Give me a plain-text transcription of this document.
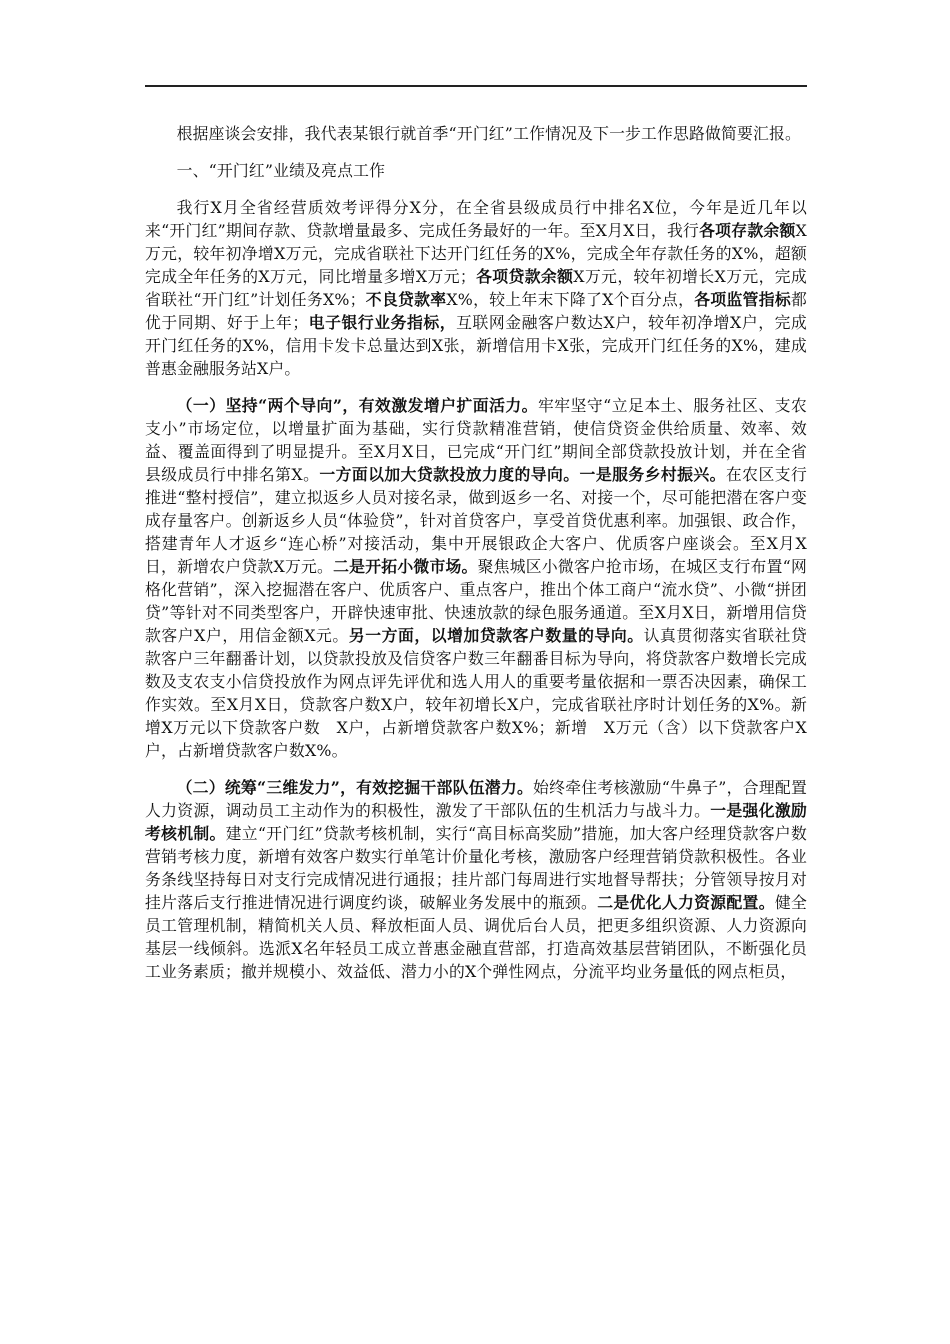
根据座谈会安排，我代表某银行就首季“开门红”工作情况及下一步工作思路做简要汇报。

一、“开门红”业绩及亮点工作

我行X月全省经营质效考评得分X分，在全省县级成员行中排名X位，今年是近几年以来“开门红”期间存款、贷款增量最多、完成任务最好的一年。至X月X日，我行各项存款余额X万元，较年初净增X万元，完成省联社下达开门红任务的X%，完成全年存款任务的X%，超额完成全年任务的X万元，同比增量多增X万元；各项贷款余额X万元，较年初增长X万元，完成省联社“开门红”计划任务X%；不良贷款率X%，较上年末下降了X个百分点，各项监管指标都优于同期、好于上年；电子银行业务指标，互联网金融客户数达X户，较年初净增X户，完成开门红任务的X%，信用卡发卡总量达到X张，新增信用卡X张，完成开门红任务的X%，建成普惠金融服务站X户。

（一）坚持“两个导向”，有效激发增户扩面活力。牢牢坚守“立足本土、服务社区、支农支小”市场定位，以增量扩面为基础，实行贷款精准营销，使信贷资金供给质量、效率、效益、覆盖面得到了明显提升。至X月X日，已完成“开门红”期间全部贷款投放计划，并在全省县级成员行中排名第X。一方面以加大贷款投放力度的导向。一是服务乡村振兴。在农区支行推进“整村授信”，建立拟返乡人员对接名录，做到返乡一名、对接一个，尽可能把潜在客户变成存量客户。创新返乡人员“体验贷”，针对首贷客户，享受首贷优惠利率。加强银、政合作，搭建青年人才返乡“连心桥”对接活动，集中开展银政企大客户、优质客户座谈会。至X月X日，新增农户贷款X万元。二是开拓小微市场。聚焦城区小微客户抢市场，在城区支行布置“网格化营销”，深入挖掘潜在客户、优质客户、重点客户，推出个体工商户“流水贷”、小微“拼团贷”等针对不同类型客户，开辟快速审批、快速放款的绿色服务通道。至X月X日，新增用信贷款客户X户，用信金额X元。另一方面，以增加贷款客户数量的导向。认真贯彻落实省联社贷款客户三年翻番计划，以贷款投放及信贷客户数三年翻番目标为导向，将贷款客户数增长完成数及支农支小信贷投放作为网点评先评优和选人用人的重要考量依据和一票否决因素，确保工作实效。至X月X日，贷款客户数X户，较年初增长X户，完成省联社序时计划任务的X%。新增X万元以下贷款客户数　X户，占新增贷款客户数X%；新增　X万元（含）以下贷款客户X户，占新增贷款客户数X%。

（二）统筹“三维发力”，有效挖掘干部队伍潜力。始终牵住考核激励“牛鼻子”，合理配置人力资源，调动员工主动作为的积极性，激发了干部队伍的生机活力与战斗力。一是强化激励考核机制。建立“开门红”贷款考核机制，实行“高目标高奖励”措施，加大客户经理贷款客户数营销考核力度，新增有效客户数实行单笔计价量化考核，激励客户经理营销贷款积极性。各业务条线坚持每日对支行完成情况进行通报；挂片部门每周进行实地督导帮扶；分管领导按月对挂片落后支行推进情况进行调度约谈，破解业务发展中的瓶颈。二是优化人力资源配置。健全员工管理机制，精简机关人员、释放柜面人员、调优后台人员，把更多组织资源、人力资源向基层一线倾斜。选派X名年轻员工成立普惠金融直营部，打造高效基层营销团队，不断强化员工业务素质；撤并规模小、效益低、潜力小的X个弹性网点，分流平均业务量低的网点柜员，
